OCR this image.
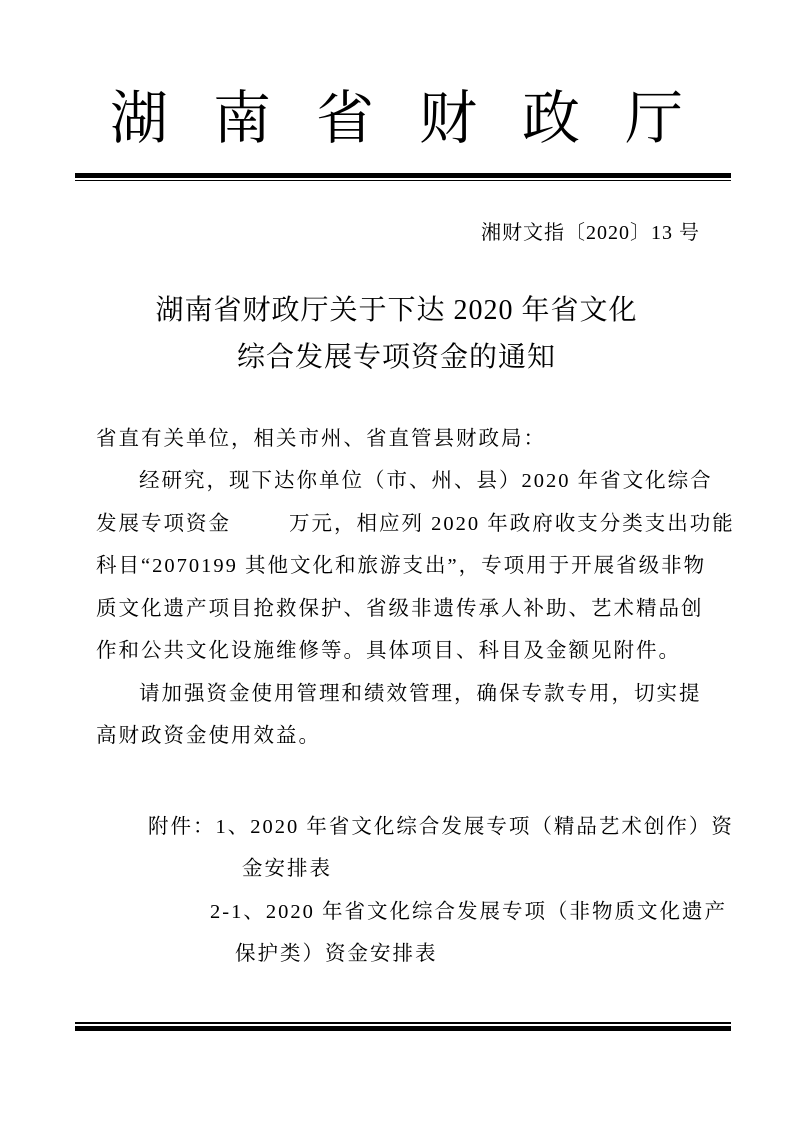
湖南省财政厅
湘财文指〔2020〕13 号
湖南省财政厅关于下达 2020 年省文化
综合发展专项资金的通知
省直有关单位，相关市州、省直管县财政局：
经研究，现下达你单位（市、州、县）2020 年省文化综合
发展专项资金	万元，相应列 2020 年政府收支分类支出功能
科目“2070199 其他文化和旅游支出”，专项用于开展省级非物
质文化遗产项目抢救保护、省级非遗传承人补助、艺术精品创
作和公共文化设施维修等。具体项目、科目及金额见附件。
请加强资金使用管理和绩效管理，确保专款专用，切实提
高财政资金使用效益。
附件：1、2020 年省文化综合发展专项（精品艺术创作）资
金安排表
2-1、2020 年省文化综合发展专项（非物质文化遗产
保护类）资金安排表
